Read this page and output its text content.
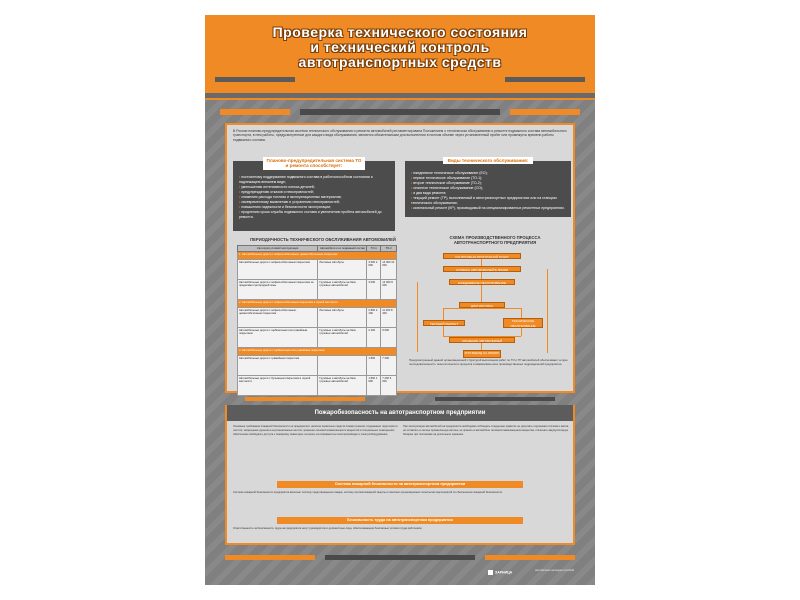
Проверка технического состояния
и технический контроль
автотранспортных средств

В России планово-предупредительная система технического обслуживания и ремонта автомобилей регламентирована Положением о техническом обслуживании и ремонте подвижного состава автомобильного транспорта, в нем работы, предусмотренные для каждого вида обслуживания, являются обязательными для выполнения в полном объеме через установленный пробег или промежуток времени работы подвижного состава.

Планово-предупредительная система ТО и ремонта способствует:
• постоянному поддержанию подвижного состава в работоспособном состоянии и надлежащем внешнем виде;
• уменьшению интенсивности износа деталей;
• предупреждению отказов и неисправностей;
• снижению расхода топлива и эксплуатационных материалов;
• своевременному выявлению и устранению неисправностей;
• повышению надежности и безопасности эксплуатации;
• продлению срока службы подвижного состава и увеличению пробега автомобилей до ремонта.
Виды технического обслуживания:
• ежедневное техническое обслуживание (ЕО);
• первое техническое обслуживание (ТО-1);
• второе техническое обслуживание (ТО-2);
• сезонное техническое обслуживание (СО);
• и два вида ремонта:
• текущий ремонт (ТР), выполняемый в автотранспортных предприятиях или на станциях технического обслуживания;
• капитальный ремонт (КР), производимый на специализированных ремонтных предприятиях.
ПЕРИОДИЧНОСТЬ ТЕХНИЧЕСКОГО ОБСЛУЖИВАНИЯ АВТОМОБИЛЕЙ
Категория условий эксплуатации	Автомобили и их подвижной состав	ТО-1	ТО-2
1. Автомобильные дороги с асфальтобетонным, цементобетонным покрытием			
Автомобильные дороги с асфальтобетонным покрытием	Легковые Автобусы	3 500 2 600	14 000 10 000
Автомобильные дороги с асфальтобетонным покрытием за пределами пригородной зоны	Грузовые и автобусы на базе грузовых автомобилей	3 000	12 000 9 000
2. Автомобильные дороги с асфальтобетонным покрытием в горной местности			
Автомобильные дороги с асфальтобетонным, цементобетонным покрытием	Легковые Автобусы	2 800 2 100	11 200 8 400
Автомобильные дороги с щебёночным или гравийным покрытием	Грузовые и автобусы на базе грузовых автомобилей	2 400	9 600
3. Автомобильные дороги с щебёночным или гравийным покрытием			
Автомобильные дороги с гравийным покрытием		1 800	7 200
Автомобильные дороги с булыжным покрытием в горной местности	Грузовые и автобусы на базе грузовых автомобилей	1 800 1 600	7 200 6 000
СХЕМА ПРОИЗВОДСТВЕННОГО ПРОЦЕССА АВТОТРАНСПОРТНОГО ПРЕДПРИЯТИЯ
КОНТРОЛЬНО-ПРОПУСКНОЙ ПУНКТ
СТОЯНКА АВТОМОБИЛЕЙ В ЛИНИИ
ЕЖЕДНЕВНОЕ ОБСЛУЖИВАНИЕ
ДИАГНОСТИКА
ТЕКУЩИЙ РЕМОНТ
ТЕХНИЧЕСКОЕ ОБСЛУЖИВАНИЕ
ХРАНЕНИЕ АВТОМОБИЛЕЙ
КПП ВЫЕЗД НА ЛИНИЮ

Предусмотренный данной организационной структурой выполнения работ по ТО и ТР автомобилей обеспечивает четкую последовательность технологического процесса и взаимосвязь всех производственных подразделений предприятия.

Пожаробезопасность на автотранспортном предприятии

Основные требования пожарной безопасности на предприятии: наличие первичных средств пожаротушения; содержание территории в чистоте; запрещение курения в неустановленных местах; хранение легковоспламеняющихся жидкостей в специальных помещениях; обеспечение свободного доступа к пожарному инвентарю; контроль за исправностью электропроводки и электрооборудования.

При эксплуатации автомобилей на предприятии необходимо соблюдать следующие правила: не допускать подтекания топлива и масла; не оставлять в салоне промасленную ветошь; не хранить в автомобиле легковоспламеняющиеся вещества; отключать аккумуляторную батарею при постановке на длительное хранение.

Система пожарной безопасности на автотранспортном предприятии

Система пожарной безопасности предприятия включает систему предотвращения пожара, систему противопожарной защиты и комплекс организационно-технических мероприятий по обеспечению пожарной безопасности.

Безопасность труда на автотранспортном предприятии

Ответственность за безопасность труда на предприятии несут руководители и должностные лица, обеспечивающие безопасные условия труда работников.

ЗАРНИЦА	изготовление наглядных пособий
